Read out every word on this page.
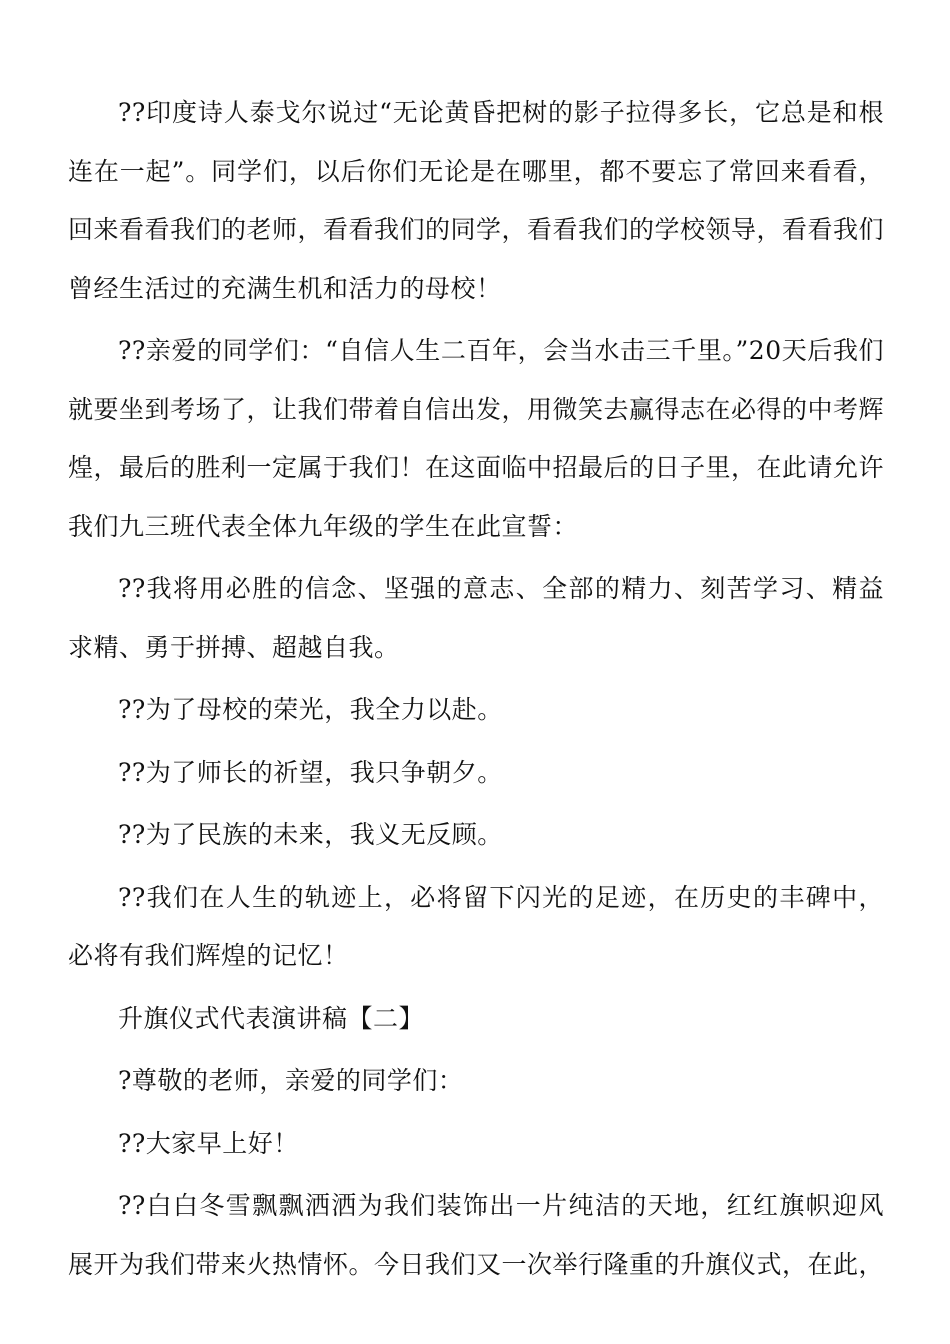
??印度诗人泰戈尔说过“无论黄昏把树的影子拉得多长，它总是和根连在一起”。同学们，以后你们无论是在哪里，都不要忘了常回来看看，回来看看我们的老师，看看我们的同学，看看我们的学校领导，看看我们曾经生活过的充满生机和活力的母校！

??亲爱的同学们：“自信人生二百年，会当水击三千里。”20天后我们就要坐到考场了，让我们带着自信出发，用微笑去赢得志在必得的中考辉煌，最后的胜利一定属于我们！在这面临中招最后的日子里，在此请允许我们九三班代表全体九年级的学生在此宣誓：

??我将用必胜的信念、坚强的意志、全部的精力、刻苦学习、精益求精、勇于拼搏、超越自我。

??为了母校的荣光，我全力以赴。

??为了师长的祈望，我只争朝夕。

??为了民族的未来，我义无反顾。

??我们在人生的轨迹上，必将留下闪光的足迹，在历史的丰碑中，必将有我们辉煌的记忆！

升旗仪式代表演讲稿【二】

?尊敬的老师，亲爱的同学们：

??大家早上好！

??白白冬雪飘飘洒洒为我们装饰出一片纯洁的天地，红红旗帜迎风展开为我们带来火热情怀。今日我们又一次举行隆重的升旗仪式，在此，
